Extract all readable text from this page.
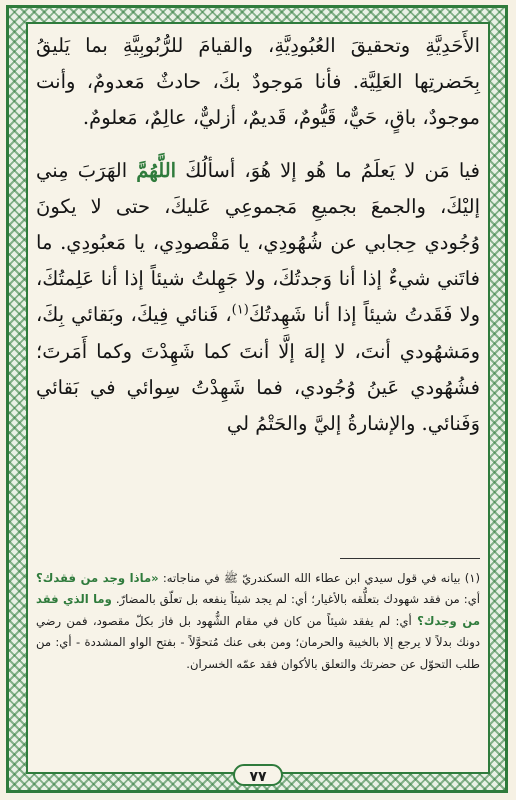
الأَحَدِيَّةِ وتحقيقَ العُبُودِيَّةِ، والقيامَ للرُّبُوبِيَّةِ بما يَليقُ بِحَضرتِها العَلِيَّة. فأنا مَوجودٌ بكَ، حادثٌ مَعدومٌ، وأنت موجودٌ، باقٍ، حَيٌّ، قَيُّومٌ، قَديمٌ، أزليٌّ، عالِمٌ، مَعلومٌ.

فيا مَن لا يَعلَمُ ما هُو إلا هُوَ، أسألُكَ اللَّهُمَّ الهَرَبَ مِني إليْكَ، والجمعَ بجميعِ مَجموعِي عَليكَ، حتى لا يكونَ وُجُودي حِجابي عن شُهُودِي، يا مَقْصودِي، يا مَعبُودِي. ما فاتَني شيءٌ إذا أنا وَجدتُكَ، ولا جَهِلتُ شيئاً إذا أنا عَلِمتُكَ، ولا فَقَدتُ شيئاً إذا أنا شَهِدتُكَ$^{(١)}$، فَنائي فِيكَ، وبَقائي بِكَ، ومَشهُودي أنتَ، لا إلهَ إلَّا أنتَ كما شَهِدْتَ وكما أَمَرتَ؛ فشُهُودي عَينُ وُجُودي، فما شَهِدْتُ سِوائي في بَقائي وَفَنائي. والإشارةُ إليَّ والحَتْمُ لي

(١) بيانه في قول سيدي ابن عطاء الله السكندريّ ﷺ في مناجاته: «ماذا وجد من فقدك؟ أي: من فقد شهودك بتعلُّقه بالأغيار؛ أي: لم يجد شيئاً ينفعه بل تعلّق بالمضارّ. وما الذي فقد من وجدك؟ أي: لم يفقد شيئاً من كان في مقام الشُّهود بل فاز بكلّ مقصود، فمن رضي دونك بدلاً لا يرجع إلا بالخيبة والحرمان؛ ومن بغى عنك مُتحوَّلاً - بفتح الواو المشددة - أي: من طلب التحوّل عن حضرتك والتعلق بالأكوان فقد عمّه الخسران.

٧٧
